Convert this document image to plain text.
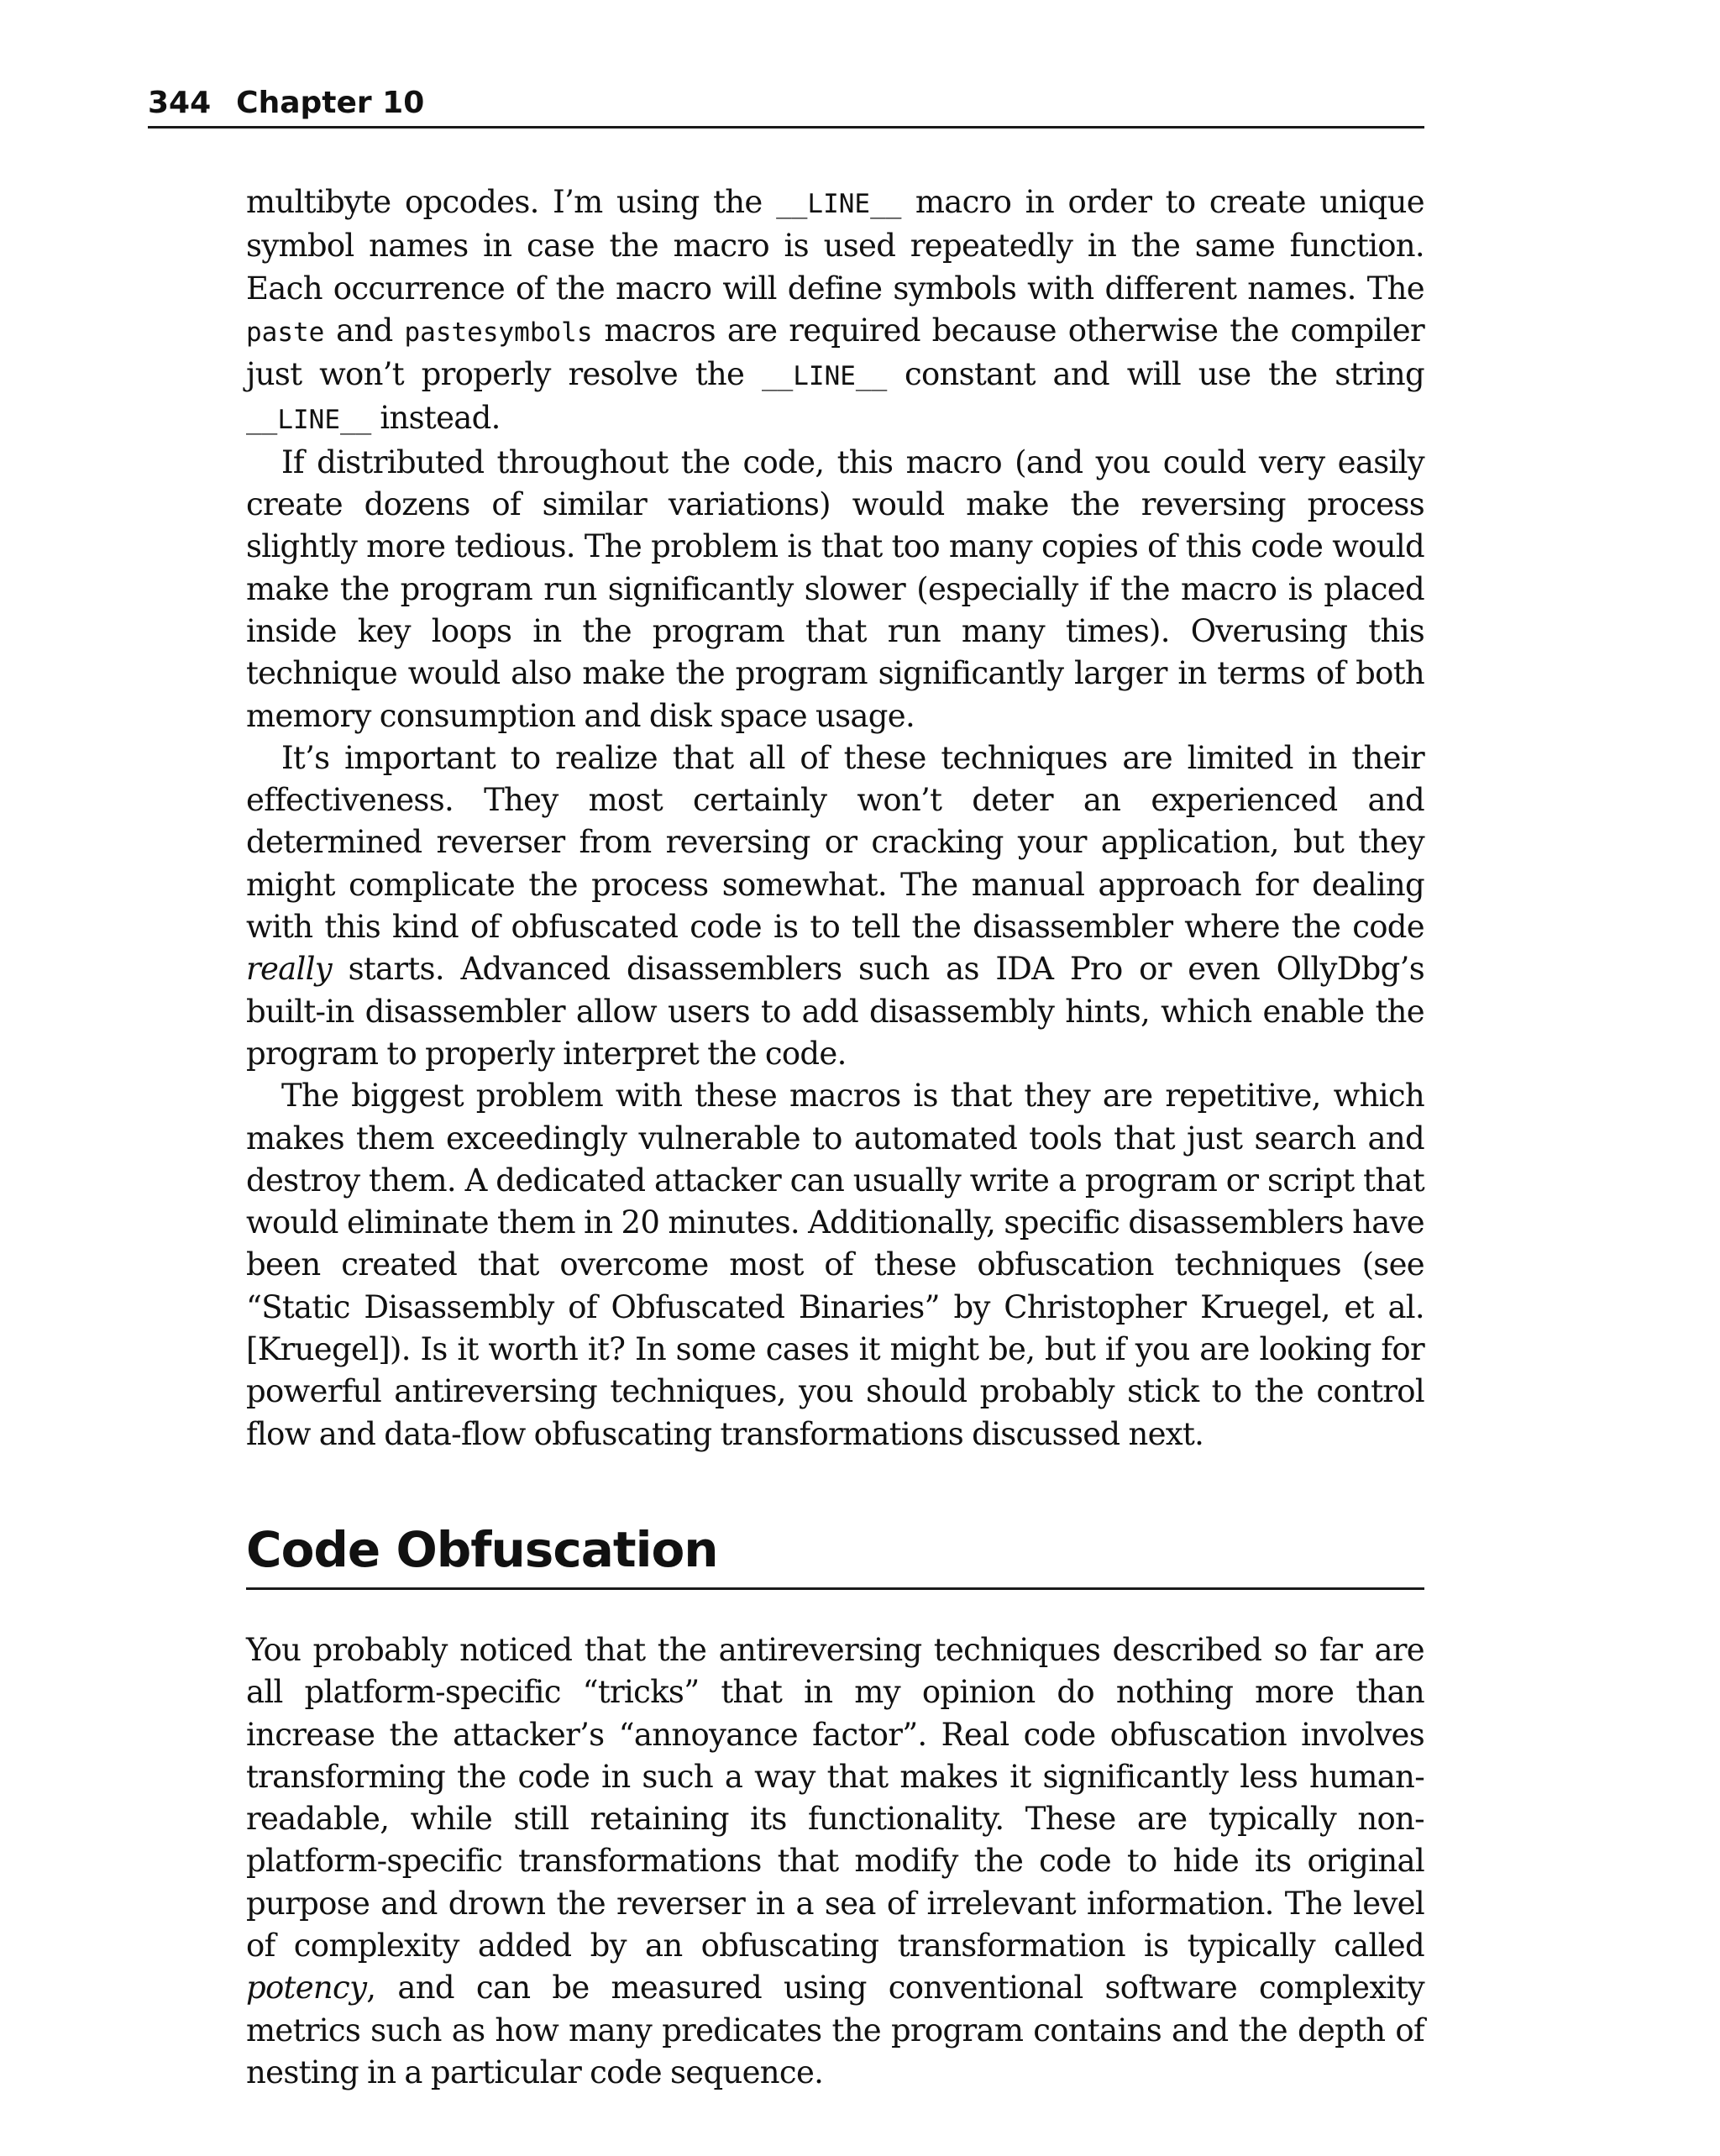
344 Chapter 10

multibyte opcodes. I’m using the __LINE__ macro in order to create unique symbol names in case the macro is used repeatedly in the same function. Each occurrence of the macro will define symbols with different names. The paste and pastesymbols macros are required because otherwise the compiler just won’t properly resolve the __LINE__ constant and will use the string __LINE__ instead.

If distributed throughout the code, this macro (and you could very easily create dozens of similar variations) would make the reversing process slightly more tedious. The problem is that too many copies of this code would make the program run significantly slower (especially if the macro is placed inside key loops in the program that run many times). Overusing this technique would also make the program significantly larger in terms of both memory consumption and disk space usage.

It’s important to realize that all of these techniques are limited in their effectiveness. They most certainly won’t deter an experienced and determined reverser from reversing or cracking your application, but they might complicate the process somewhat. The manual approach for dealing with this kind of obfuscated code is to tell the disassembler where the code really starts. Advanced disassemblers such as IDA Pro or even OllyDbg’s built-in disassembler allow users to add disassembly hints, which enable the program to properly interpret the code.

The biggest problem with these macros is that they are repetitive, which makes them exceedingly vulnerable to automated tools that just search and destroy them. A dedicated attacker can usually write a program or script that would eliminate them in 20 minutes. Additionally, specific disassemblers have been created that overcome most of these obfuscation techniques (see “Static Disassembly of Obfuscated Binaries” by Christopher Kruegel, et al. [Kruegel]). Is it worth it? In some cases it might be, but if you are looking for powerful antireversing techniques, you should probably stick to the control flow and data-flow obfuscating transformations discussed next.

Code Obfuscation

You probably noticed that the antireversing techniques described so far are all platform-specific “tricks” that in my opinion do nothing more than increase the attacker’s “annoyance factor”. Real code obfuscation involves transforming the code in such a way that makes it significantly less human-readable, while still retaining its functionality. These are typically non-platform-specific transformations that modify the code to hide its original purpose and drown the reverser in a sea of irrelevant information. The level of complexity added by an obfuscating transformation is typically called potency, and can be measured using conventional software complexity metrics such as how many predicates the program contains and the depth of nesting in a particular code sequence.
